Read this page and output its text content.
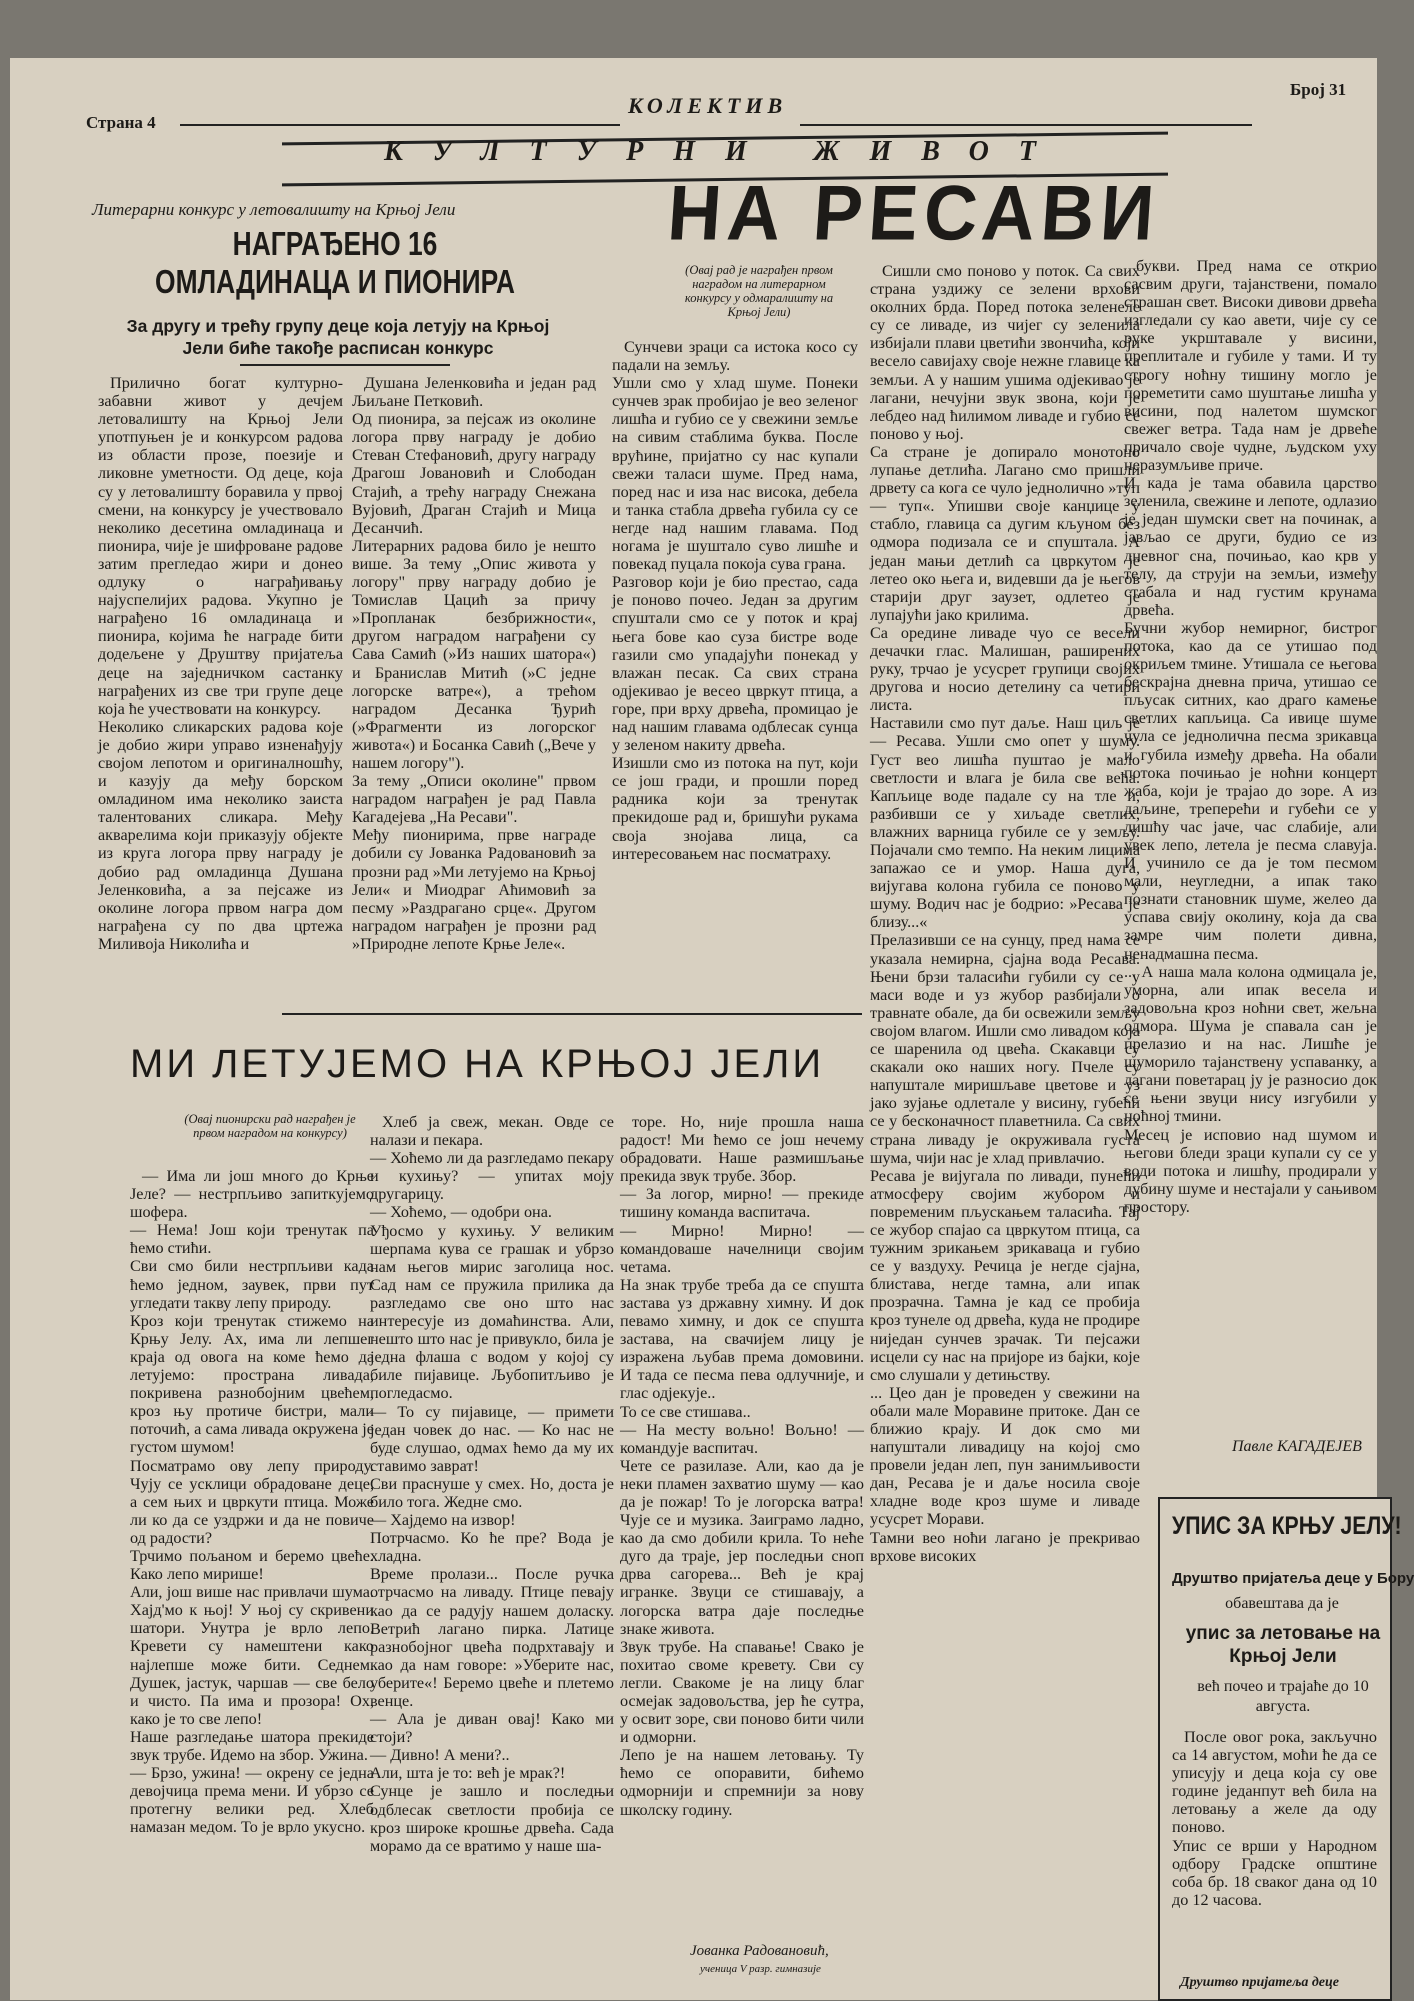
Страна 4
КОЛЕКТИВ
Број 31
КУЛТУРНИ ЖИВОТ
Литерарни конкурс у летовалишту на Крњој Јели
НАГРАЂЕНО 16 ОМЛАДИНАЦА И ПИОНИРА
За другу и трећу групу деце која летују на Крњој Јели биће такође расписан конкурс

Прилично богат културно-забавни живот у дечјем летовалишту на Крњој Јели употпуњен је и конкурсом радова из области прозе, поезије и ликовне уметности. Од деце, која су у летовалишту боравила у првој смени, на конкурсу је учествовало неколико десетина омладинаца и пионира, чије је шифроване радове затим прегледао жири и донео одлуку о награђивању најуспелијих радова. Укупно је награђено 16 омладинаца и пионира, којима ће награде бити додељене у Друштву пријатеља деце на заједничком састанку награђених из свe три групе деце која ће учествовати на конкурсу.
Неколико сликарских радова које је добио жири управо изненађују својом лепотом и оригиналношћу, и казују да међу борском омладином има неколико заиста талентованих сликара. Међу акварелима који приказују објекте из круга логора прву награду је добио рад омладинца Душана Јеленковића, а за пејсаже из околине логора првом награ дом награђена су по два цртежа Миливоја Николића и

Душана Јеленковића и један рад Љиљане Петковић.
Од пионира, за пејсаж из околине логора прву награду је добио Стеван Стефановић, другу награду Драгош Јовановић и Слободан Стајић, а трећу награду Снежана Вујовић, Драган Стајић и Мица Десанчић.
Литерарних радова било је нешто више. За тему „Опис живота у логору" прву награду добио је Томислав Цацић за причу »Пропланак безбрижности«, другом наградом награђени су Сава Самић (»Из наших шатора«) и Бранислав Митић (»С једне логорске ватре«), а трећом наградом Десанка Ђурић (»Фрагменти из логорског живота«) и Босанка Савић („Вече у нашем логору").
За тему „Описи околине" првом наградом награђен је рад Павла Кагадејева „На Ресави".
Међу пионирима, прве награде добили су Јованка Радовановић за прозни рад »Ми летујемо на Крњој Јели« и Миодраг Аћимовић за песму »Раздрагано срце«. Другом наградом награђен је прозни рад »Природне лепоте Крње Јеле«.

НА РЕСАВИ
(Овај рад је награђен првом наградом на литерарном конкурсу у одмаралишту на Крњој Јели)

Сунчеви зраци са истока косо су падали на земљу.
Ушли смо у хлад шуме. Понеки сунчев зрак пробијао је веo зеленог лишћа и губио се у свежини земље на сивим стаблима буква. После врућине, пријатно су нас купали свежи таласи шуме. Пред нама, поред нас и иза нас висока, дебела и танка стабла дрвећа губила су се негде над нашим главама. Под ногама је шуштало суво лишће и повекад пуцала покоја сува грана.
Разговор који је био престао, сада је поново почео. Један за другим спуштали смо се у поток и крај њега бове као суза бистре воде газили смо упадајући понекад у влажан песак. Са свих страна одјекивао је весео цвркут птица, а горе, при врху дрвећа, промицао је над нашим главама одблесак сунца у зеленом накиту дрвећа.
Изишли смо из потока на пут, који се још гради, и прошли поред радника који за тренутак прекидоше рад и, бришући рукама своја знојава лица, са интересовањем нас посматраху.

Сишли смо поново у поток. Са свих страна уздижу се зелени врхови околних брда. Поред потока зеленеле су се ливаде, из чијег су зеленила избијали плави цветићи звончића, који весело савијаху своје нежне главице ка земљи. А у нашим ушима одјекивао је лагани, нечујни звук звона, који је лебдео над ћилимом ливаде и губио се поново у њој.
Са стране је допирало монотоно лупање детлића. Лагано смо пришли дрвету са кога се чуло једнолично »туп — туп«. Упишви своје канџице у стабло, главица са дугим кљуном бeз одмора подизала се и спуштала. А један мањи детлић са цвркутом је летео око њега и, видевши да је његов старији друг заузет, одлетео је лупајући јако крилима.
Са оредине ливаде чуо се весели дечачки глас. Малишан, раширених руку, трчао је усусрет групици својих другова и носио детелину са четири листа.
Наставили смо пут даље. Наш циљ је — Ресава. Ушли смо опет у шуму. Густ вео лишћа пуштао је мало светлости и влага је била све већа. Капљице воде падале су на тле и, разбивши се у хиљаде светлих, влажних варница губиле се у земљу. Појачали смо темпо. На неким лицима запажао се и умор. Наша дуга, вијугава колона губила се поново у шуму. Водич нас је бодрио: »Ресава је близу...«
Прелазивши се на сунцу, пред нама се указала немирна, сјајна вода Ресава. Њени брзи таласићи губили су се у маси воде и уз жубор разбијали о травнате обале, да би освежили земљу својом влагом. Ишли смо ливадом која се шаренила од цвећа. Скакавци су скакали око наших ногу. Пчеле су напуштале миришљаве цветове и уз јако зујање одлетале у висину, губећи се у бесконачност плаветнила. Са свих страна ливаду је окруживала густа шума, чији нас је хлад привлачио.
Ресава је вијугала по ливади, пунећи атмосферу својим жубором и повременим пљускањем таласића. Тај се жубор спајао са цвркутом птица, са тужним зрикањем зрикаваца и губио се у ваздуху. Речица је негде сјајна, блистава, негде тамна, али ипак прозрачна. Тамна је кад се пробија кроз тунеле од дрвећа, куда не продире ниједан сунчев зрачак. Ти пејсажи исцели су нас на пријоре из бајки, које смо слушали у детињству.
... Цео дан је проведен у свежини на обали мале Моравине притоке. Дан се ближио крају. И док смо ми напуштали ливадицу на којој смо провели један леп, пун занимљивости дан, Ресава је и даље носила своје хладне воде кроз шуме и ливаде усусрет Морави.
Тамни вео ноћи лагано је прекривао врхове високих

букви. Пред нама се открио сасвим други, тајанствени, помало страшан свет. Високи дивови дрвећа изгледали су као авети, чије су се руке укрштавале у висини, преплитале и губиле у тами. И ту строгу ноћну тишину могло је пореметити само шуштање лишћа у висини, под налетом шумског свежег ветра. Тада нам је дрвеће причало своје чудне, људском уху неразумљиве приче.
И када је тама обавила царство зеленила, свежине и лепоте, одлазио је један шумски свет на починак, а јављао се други, будио се из дневног сна, почињао, као крв у телу, да струји на земљи, између стабала и над густим крунама дрвећа.
Бучни жубор немирног, бистрог потока, као да се утишао под окриљем тмине. Утишала се његова бескрајна дневна прича, утишао се пљусак ситних, као драго камење светлих капљица. Са ивице шуме чула се једнолична песма зрикавца и губила између дрвећа. На обали потока почињао је ноћни концерт жаба, који је трајао до зоре. А из даљине, треперећи и губећи се у лишћу час јаче, час слабије, али увек лепо, летела је песма славуја. И учинило се да је том песмом мали, неугледни, а ипак тако познати становник шуме, желео да успава свију околину, која да сва замре чим полети дивна, ненадмашна песма.
... А наша мала колона одмицала је, уморна, али ипак весела и задовољна кроз ноћни свет, жељна одмора. Шума је спавала сан је прелазио и на нас. Лишће је шуморило тајанствену успаванку, а лагани поветарац ју је разносио док се њени звуци нису изгубили у ноћној тмини.
Месец је исповио над шумом и његови бледи зраци купали су се у води потока и лишћу, продирали у дубину шуме и нестајали у сањивом простору.

Павле КАГАДЕЈЕВ
МИ ЛЕТУЈЕМО НА КРЊОЈ ЈЕЛИ
(Овај пионирски рад награђен је првом наградом на конкурсу)

— Има ли још много до Крње Јеле? — нестрпљиво запиткујемо шофера.
— Нема! Још који тренутак па ћемо стићи.
Сви смо били нестрпљиви када ћемо једном, заувек, први пут угледати такву лепу природу.
Кроз који тренутак стижемо на Крњу Јелу. Ах, има ли лепшег краја од овога на коме ћемо да летујемо: пространа ливада, покривена разнобојним цвећем, кроз њу протиче бистри, мали поточић, а сама ливада окружена је густом шумом!
Посматрамо ову лепу природу. Чују се усклици обрадоване деце, а сем њих и цвркути птица. Може ли ко да се уздржи и да не повиче од радости?
Трчимо пољаном и беремо цвеће. Како лепо мирише!
Али, још више нас привлачи шума. Хајд'мо к њој! У њој су скривени шатори. Унутра је врло лепо. Кревети су намештени како најлепше може бити. Седнем. Душек, јастук, чаршав — све бело и чисто. Па има и прозора! Ох, како је то све лепо!
Наше разгледање шатора прекиде звук трубе. Идемо на збор. Ужина.
— Брзо, ужина! — окрену се једна девојчица према мени. И убрзо се протегну велики ред. Хлеб намазан медом. То је врло укусно.

Хлеб ја свеж, мекан. Овде се налази и пекара.
— Хоћемо ли да разгледамо пекару и кухињу? — упитах моју другарицу.
— Хоћемо, — одобри она.
Уђосмо у кухињу. У великим шерпама кува се грашак и убрзо нам његов мирис заголица нос. Сад нам се пружила прилика да разгледамо све оно што нас интересује из домаћинства. Али, нешто што нас је привукло, била је једна флаша с водом у којој су биле пијавице. Љубопитљиво је погледасмо.
— То су пијавице, — примети један човек до нас. — Ко нас не буде слушао, одмах ћемо да му их ставимо завpат!
Сви праснуше у смех. Но, доста је било тога. Жедне смо.
— Хајдемо на извор!
Потрчасмо. Ко ће пре? Вода је хладна.
Време пролази... После ручка отрчасмо на ливаду. Птице певају као да се радују нашем доласку. Ветрић лагано пирка. Латице разнобојног цвећа подрхтавају и као да нам говоре: »Уберите нас, уберите«! Беремо цвеће и плетемо венце.
— Ала је диван овај! Како ми стоји?
— Дивно! А мени?..
Али, шта је то: већ је мрак?!
Сунце је зашло и последњи одблесак светлости пробија се кроз широке крошње дрвећа. Сада морамо да се вратимо у наше ша-

торе. Но, није прошла наша радост! Ми ћемо се још нечему обрадовати. Наше размишљање прекида звук трубе. Збор.
— За логор, мирно! — прекиде тишину команда васпитача.
— Мирно! Мирно! — командоваше начелници својим четама.
На знак трубе треба да се спушта застава уз државну химну. И док певамо химну, и док се спушта застава, на свачијем лицу је изражена љубав према домовини. И тада се песма пева одлучније, и глас одјекује..
То се све стишава..
— На месту вољно! Вољно! — командује васпитач.
Чете се разилазе. Али, као да је неки пламен захватио шуму — као да је пожар! То је логорска ватра! Чује се и музика. Заиграмо ладно, као да смо добили крила. То неће дуго да траје, јер последњи сноп дрва сагорева... Већ је крај игранке. Звуци се стишавају, а логорска ватра даје последње знаке живота.
Звук трубе. На спавање! Свако је похитао своме кревету. Сви су легли. Свакоме је на лицу благ осмејак задовољства, јер ће сутра, у освит зоре, сви поново бити чили и одморни.
Лепо је на нашем летовању. Ту ћемо се опоравити, бићемо одморнији и спремнији за нову школску годину.

Јованка Радовановић,
ученица V разр. гимназије
УПИС ЗА КРЊУ ЈЕЛУ!
Друштво пријатеља деце у Бору
обавештава да је
упис за летовање на Крњој Јели
већ почео и трајаће до 10 августа.

После овог рока, закључно са 14 августом, моћи ће да се уписују и деца која су ове године једанпут већ била на летовању а желе да оду поново.
Упис се врши у Народном одбору Градске општине соба бр. 18 сваког дана од 10 до 12 часова.

Друштво пријатеља деце
